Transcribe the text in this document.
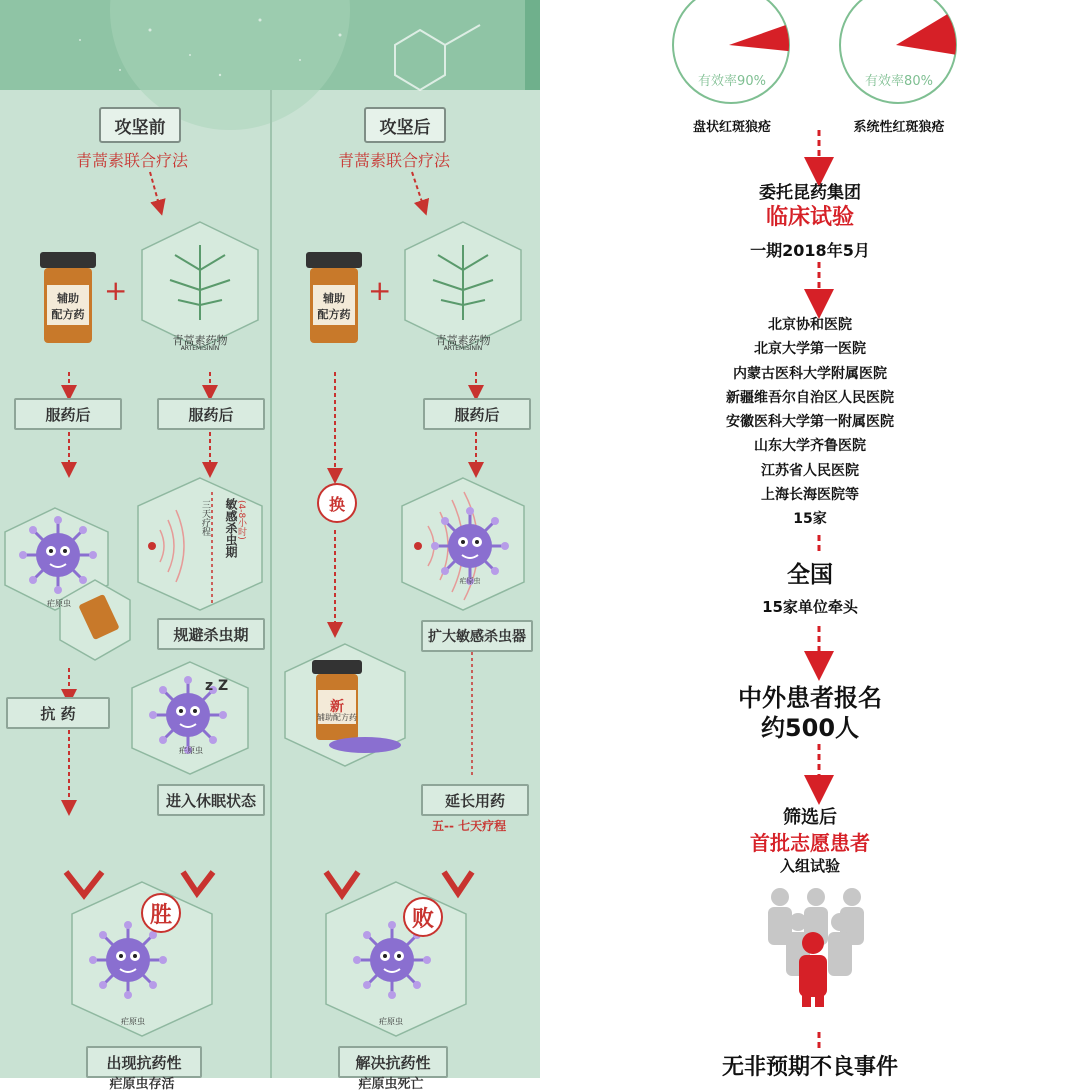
攻坚前
青蒿素联合疗法
攻坚后
青蒿素联合疗法
+	+
z Z
辅助
配方药
青蒿素药物
ARTEMISININ
服药后	服药后
敏感杀虫期
(4-8小时)
三天疗程
疟原虫
规避杀虫期
抗 药
疟原虫
进入休眠状态
胜
疟原虫
出现抗药性
疟原虫存活
辅助
配方药
青蒿素药物
ARTEMISININ
服药后
换
疟原虫
扩大敏感杀虫器
新
辅助配方药
延长用药
五-- 七天疗程
败
疟原虫
解决抗药性
疟原虫死亡
有效率90%	有效率80%
盘状红斑狼疮	系统性红斑狼疮
委托昆药集团
临床试验
一期2018年5月
北京协和医院
北京大学第一医院
内蒙古医科大学附属医院
新疆维吾尔自治区人民医院
安徽医科大学第一附属医院
山东大学齐鲁医院
江苏省人民医院
上海长海医院等
15家
全国
15家单位牵头
中外患者报名
约500人
筛选后
首批志愿患者
入组试验
无非预期不良事件
